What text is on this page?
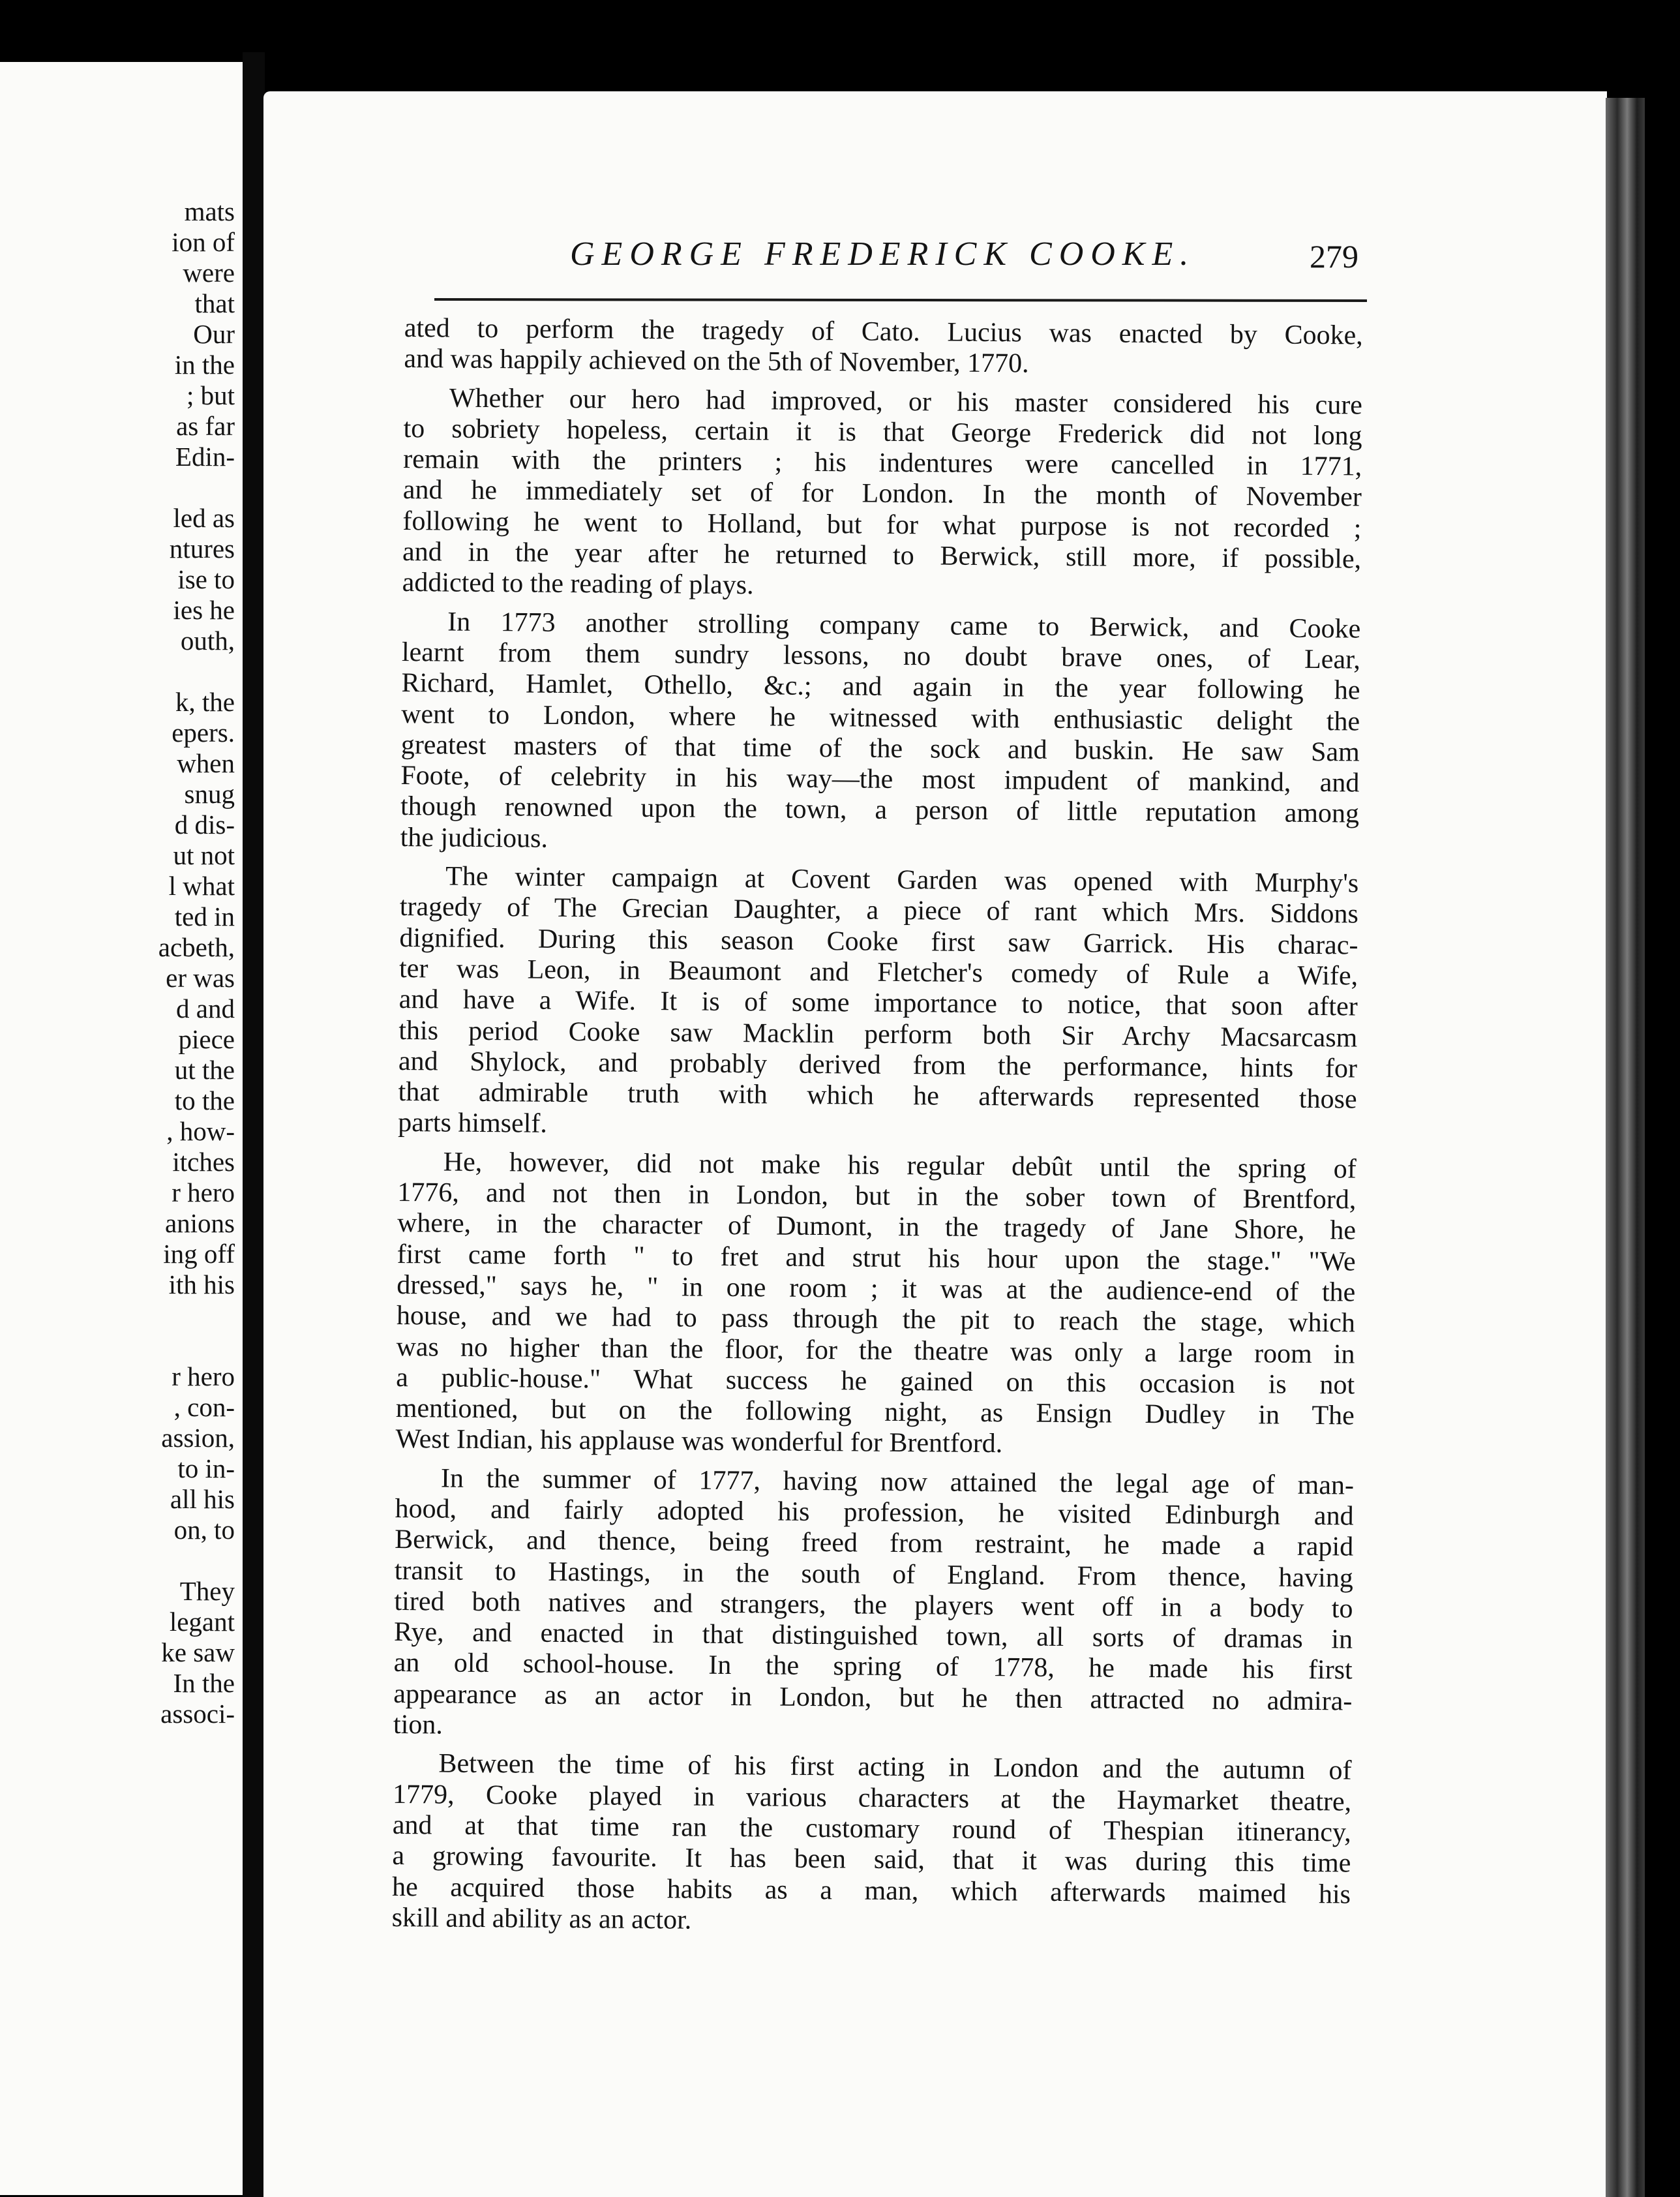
mats
ion of
were
that
Our
in the
; but
as far
Edin-
led as
ntures
ise to
ies he
outh,
k, the
epers.
when
snug
d dis-
ut not
l what
ted in
acbeth,
er was
d and
piece
ut the
to the
, how-
itches
r hero
anions
ing off
ith his
r hero
, con-
assion,
to in-
all his
on, to
They
legant
ke saw
In the
associ-
GEORGE FREDERICK COOKE.	279
ated to perform the tragedy of Cato. Lucius was enacted by Cooke,
and was happily achieved on the 5th of November, 1770.
Whether our hero had improved, or his master considered his cure
to sobriety hopeless, certain it is that George Frederick did not long
remain with the printers ; his indentures were cancelled in 1771,
and he immediately set of for London. In the month of November
following he went to Holland, but for what purpose is not recorded ;
and in the year after he returned to Berwick, still more, if possible,
addicted to the reading of plays.
In 1773 another strolling company came to Berwick, and Cooke
learnt from them sundry lessons, no doubt brave ones, of Lear,
Richard, Hamlet, Othello, &c.; and again in the year following he
went to London, where he witnessed with enthusiastic delight the
greatest masters of that time of the sock and buskin. He saw Sam
Foote, of celebrity in his way—the most impudent of mankind, and
though renowned upon the town, a person of little reputation among
the judicious.
The winter campaign at Covent Garden was opened with Murphy's
tragedy of The Grecian Daughter, a piece of rant which Mrs. Siddons
dignified. During this season Cooke first saw Garrick. His charac-
ter was Leon, in Beaumont and Fletcher's comedy of Rule a Wife,
and have a Wife. It is of some importance to notice, that soon after
this period Cooke saw Macklin perform both Sir Archy Macsarcasm
and Shylock, and probably derived from the performance, hints for
that admirable truth with which he afterwards represented those
parts himself.
He, however, did not make his regular debût until the spring of
1776, and not then in London, but in the sober town of Brentford,
where, in the character of Dumont, in the tragedy of Jane Shore, he
first came forth " to fret and strut his hour upon the stage." "We
dressed," says he, " in one room ; it was at the audience-end of the
house, and we had to pass through the pit to reach the stage, which
was no higher than the floor, for the theatre was only a large room in
a public-house." What success he gained on this occasion is not
mentioned, but on the following night, as Ensign Dudley in The
West Indian, his applause was wonderful for Brentford.
In the summer of 1777, having now attained the legal age of man-
hood, and fairly adopted his profession, he visited Edinburgh and
Berwick, and thence, being freed from restraint, he made a rapid
transit to Hastings, in the south of England. From thence, having
tired both natives and strangers, the players went off in a body to
Rye, and enacted in that distinguished town, all sorts of dramas in
an old school-house. In the spring of 1778, he made his first
appearance as an actor in London, but he then attracted no admira-
tion.
Between the time of his first acting in London and the autumn of
1779, Cooke played in various characters at the Haymarket theatre,
and at that time ran the customary round of Thespian itinerancy,
a growing favourite. It has been said, that it was during this time
he acquired those habits as a man, which afterwards maimed his
skill and ability as an actor.
